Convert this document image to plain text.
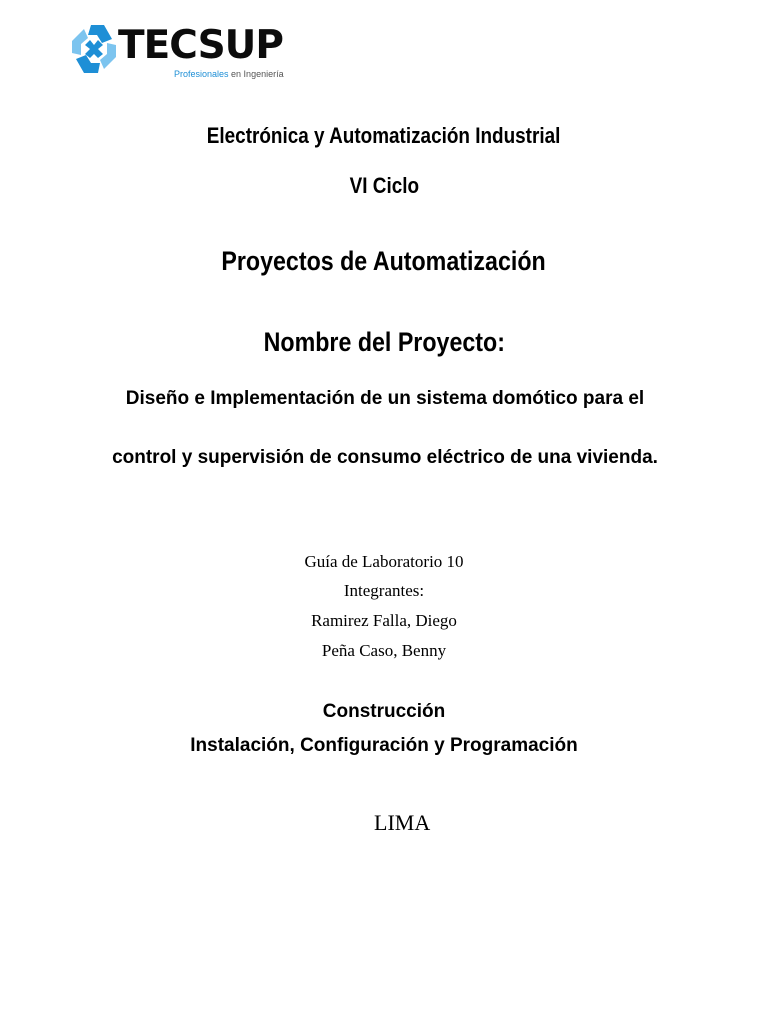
TECSUP
Profesionales en Ingeniería
Electrónica y Automatización Industrial
VI Ciclo
Proyectos de Automatización
Nombre del Proyecto:
Diseño e Implementación de un sistema domótico para el
control y supervisión de consumo eléctrico de una vivienda.
Guía de Laboratorio 10
Integrantes:
Ramirez Falla, Diego
Peña Caso, Benny
Construcción
Instalación, Configuración y Programación
LIMA
